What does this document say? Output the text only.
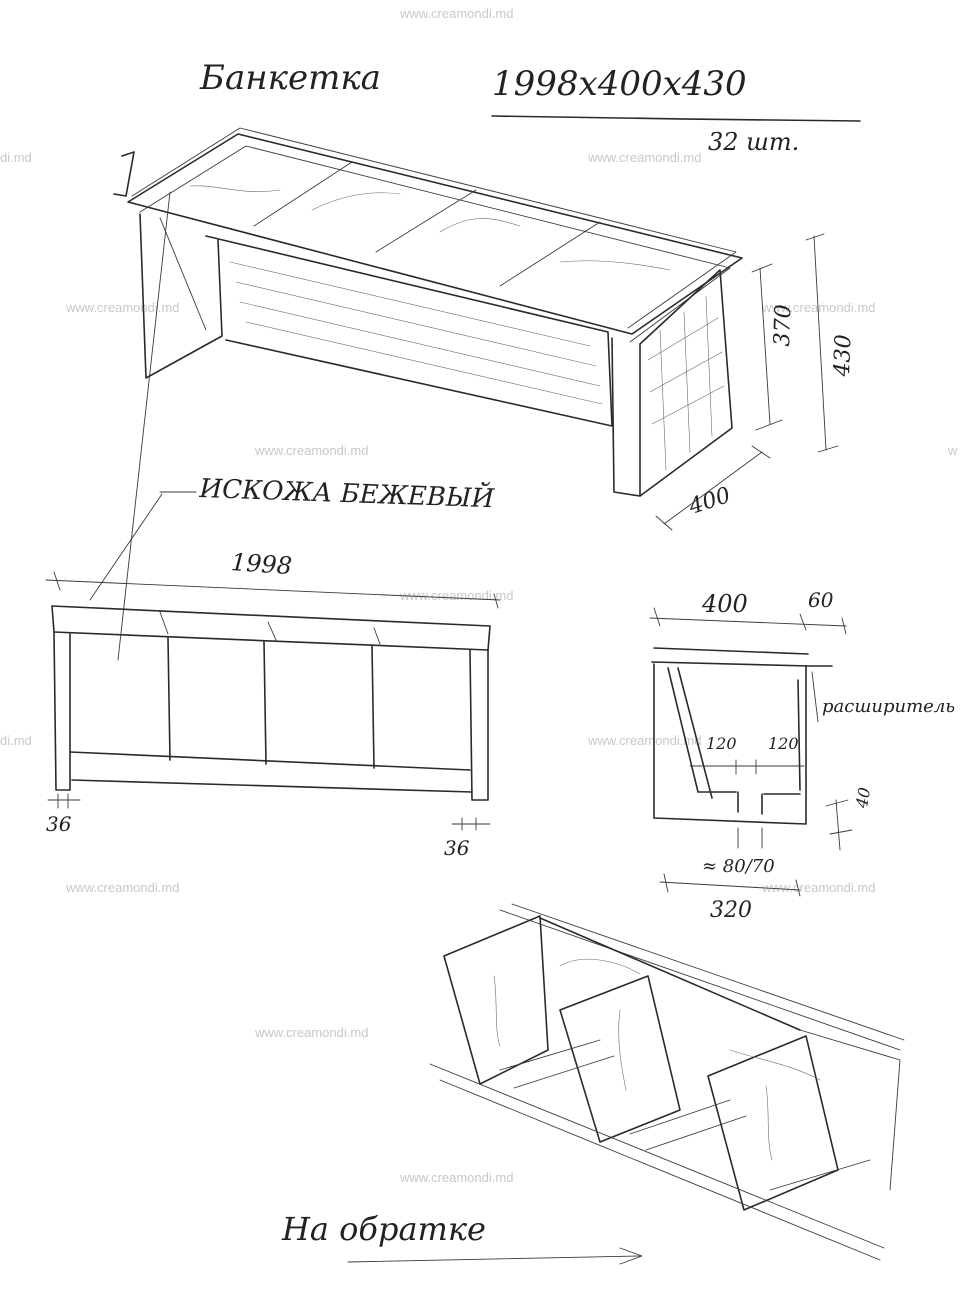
www.creamondi.md
di.md	www.creamondi.md
www.creamondi.md	www.creamondi.md
www.creamondi.md	w
www.creamondi.md
di.md	www.creamondi.md
www.creamondi.md	www.creamondi.md
www.creamondi.md
www.creamondi.md
Банкетка	1998x400x430
32 шт.
370
430
400
ИСКОЖА БЕЖЕВЫЙ
1998
36
36
400	60
расширитель
120 120
40
≈ 80/70
320
На обратке
